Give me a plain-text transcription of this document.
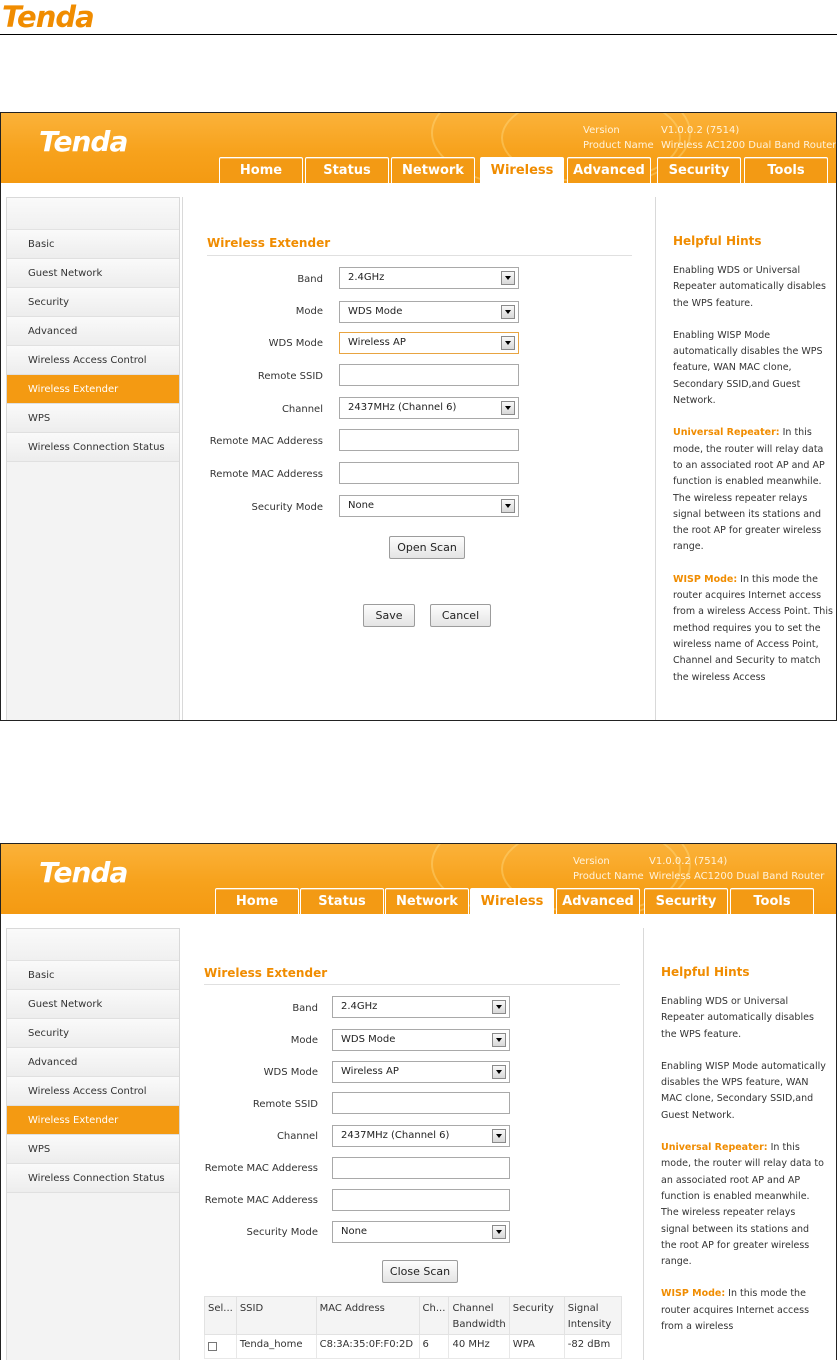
Tenda
Tenda	Version	V1.0.0.2 (7514)
Product Name Wireless AC1200 Dual Band Router
Home	Status	Network	Wireless	Advanced	Security	Tools
Basic
Guest Network
Security
Advanced
Wireless Access Control
Wireless Extender
WPS
Wireless Connection Status
Wireless Extender
Band	2.4GHz
Mode	WDS Mode
WDS Mode	Wireless AP
Remote SSID
Channel	2437MHz (Channel 6)
Remote MAC Adderess
Remote MAC Adderess
Security Mode	None
Open Scan
Save	Cancel
Helpful Hints

Enabling WDS or Universal Repeater automatically disables the WPS feature.

Enabling WISP Mode automatically disables the WPS feature, WAN MAC clone, Secondary SSID,and Guest Network.

Universal Repeater: In this mode, the router will relay data to an associated root AP and AP function is enabled meanwhile. The wireless repeater relays signal between its stations and the root AP for greater wireless range.

WISP Mode: In this mode the router acquires Internet access from a wireless Access Point. This method requires you to set the wireless name of Access Point, Channel and Security to match the wireless Access

Tenda	Version	V1.0.0.2 (7514)
Product Name Wireless AC1200 Dual Band Router
Home	Status	Network	Wireless	Advanced	Security	Tools
Basic
Guest Network
Security
Advanced
Wireless Access Control
Wireless Extender
WPS
Wireless Connection Status
Wireless Extender
Band	2.4GHz
Mode	WDS Mode
WDS Mode	Wireless AP
Remote SSID
Channel	2437MHz (Channel 6)
Remote MAC Adderess
Remote MAC Adderess
Security Mode	None
Close Scan
Sel...	SSID	MAC Address	Ch...	Channel Bandwidth	Security	Signal Intensity
	Tenda_home	C8:3A:35:0F:F0:2D	6	40 MHz	WPA	-82 dBm
Helpful Hints

Enabling WDS or Universal Repeater automatically disables the WPS feature.

Enabling WISP Mode automatically disables the WPS feature, WAN MAC clone, Secondary SSID,and Guest Network.

Universal Repeater: In this mode, the router will relay data to an associated root AP and AP function is enabled meanwhile. The wireless repeater relays signal between its stations and the root AP for greater wireless range.

WISP Mode: In this mode the router acquires Internet access from a wireless
